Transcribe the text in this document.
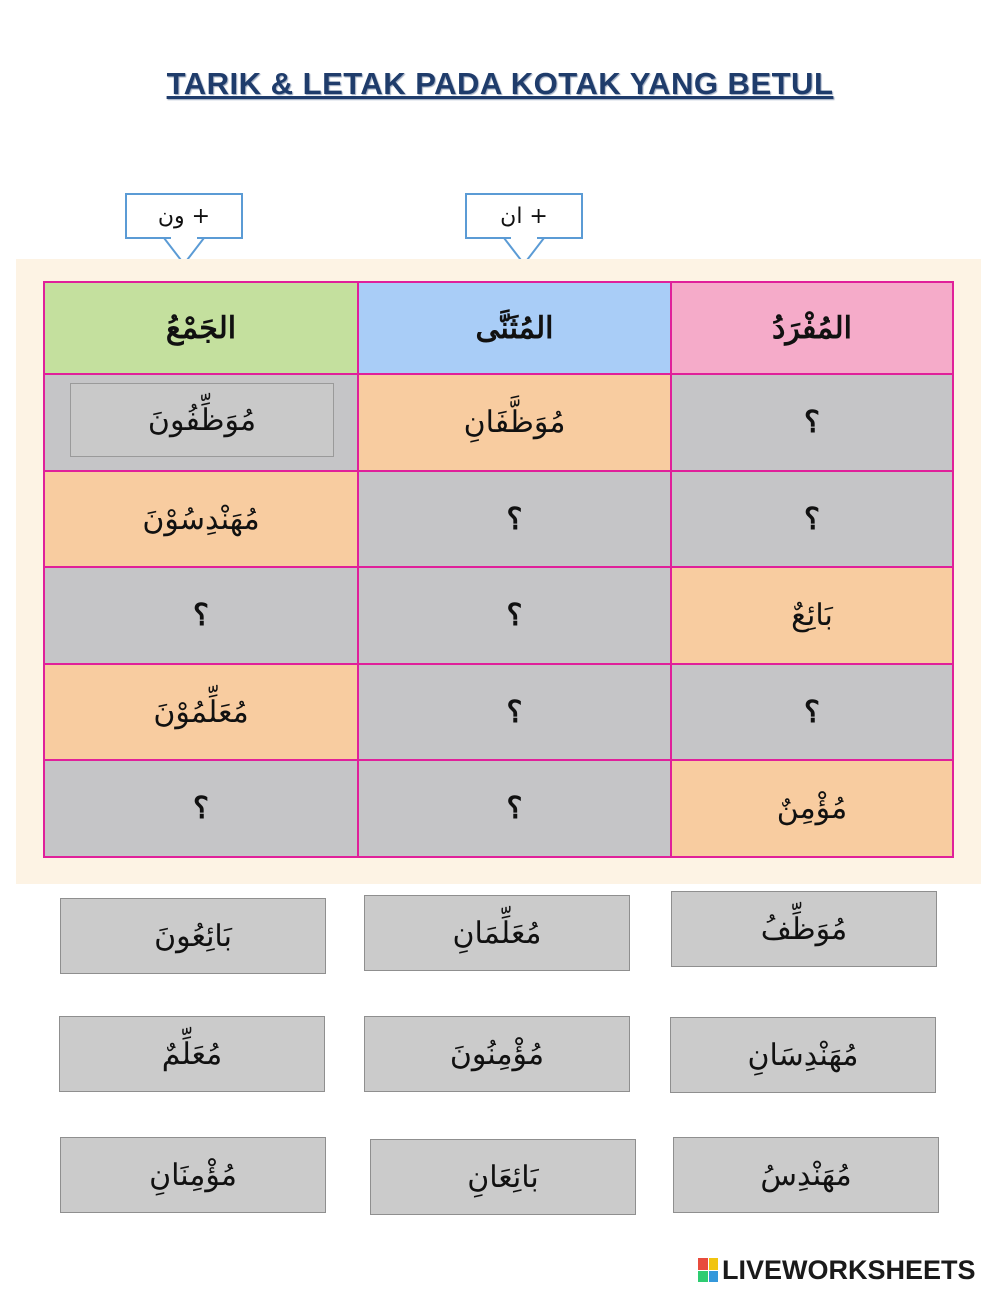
TARIK & LETAK PADA KOTAK YANG BETUL
+ ون	+ ان
الجَمْعُ	المُثَنَّى	المُفْرَدُ

مُوَظِّفُونَ	مُوَظَّفَانِ	؟
مُهَنْدِسُوْنَ	؟	؟
؟	؟	بَائِعٌ
مُعَلِّمُوْنَ	؟	؟
؟	؟	مُؤْمِنٌ
بَائِعُونَ	مُعَلِّمَانِ	مُوَظِّفُ
مُعَلِّمٌ	مُؤْمِنُونَ	مُهَنْدِسَانِ
مُؤْمِنَانِ	بَائِعَانِ	مُهَنْدِسُ
LIVEWORKSHEETS
